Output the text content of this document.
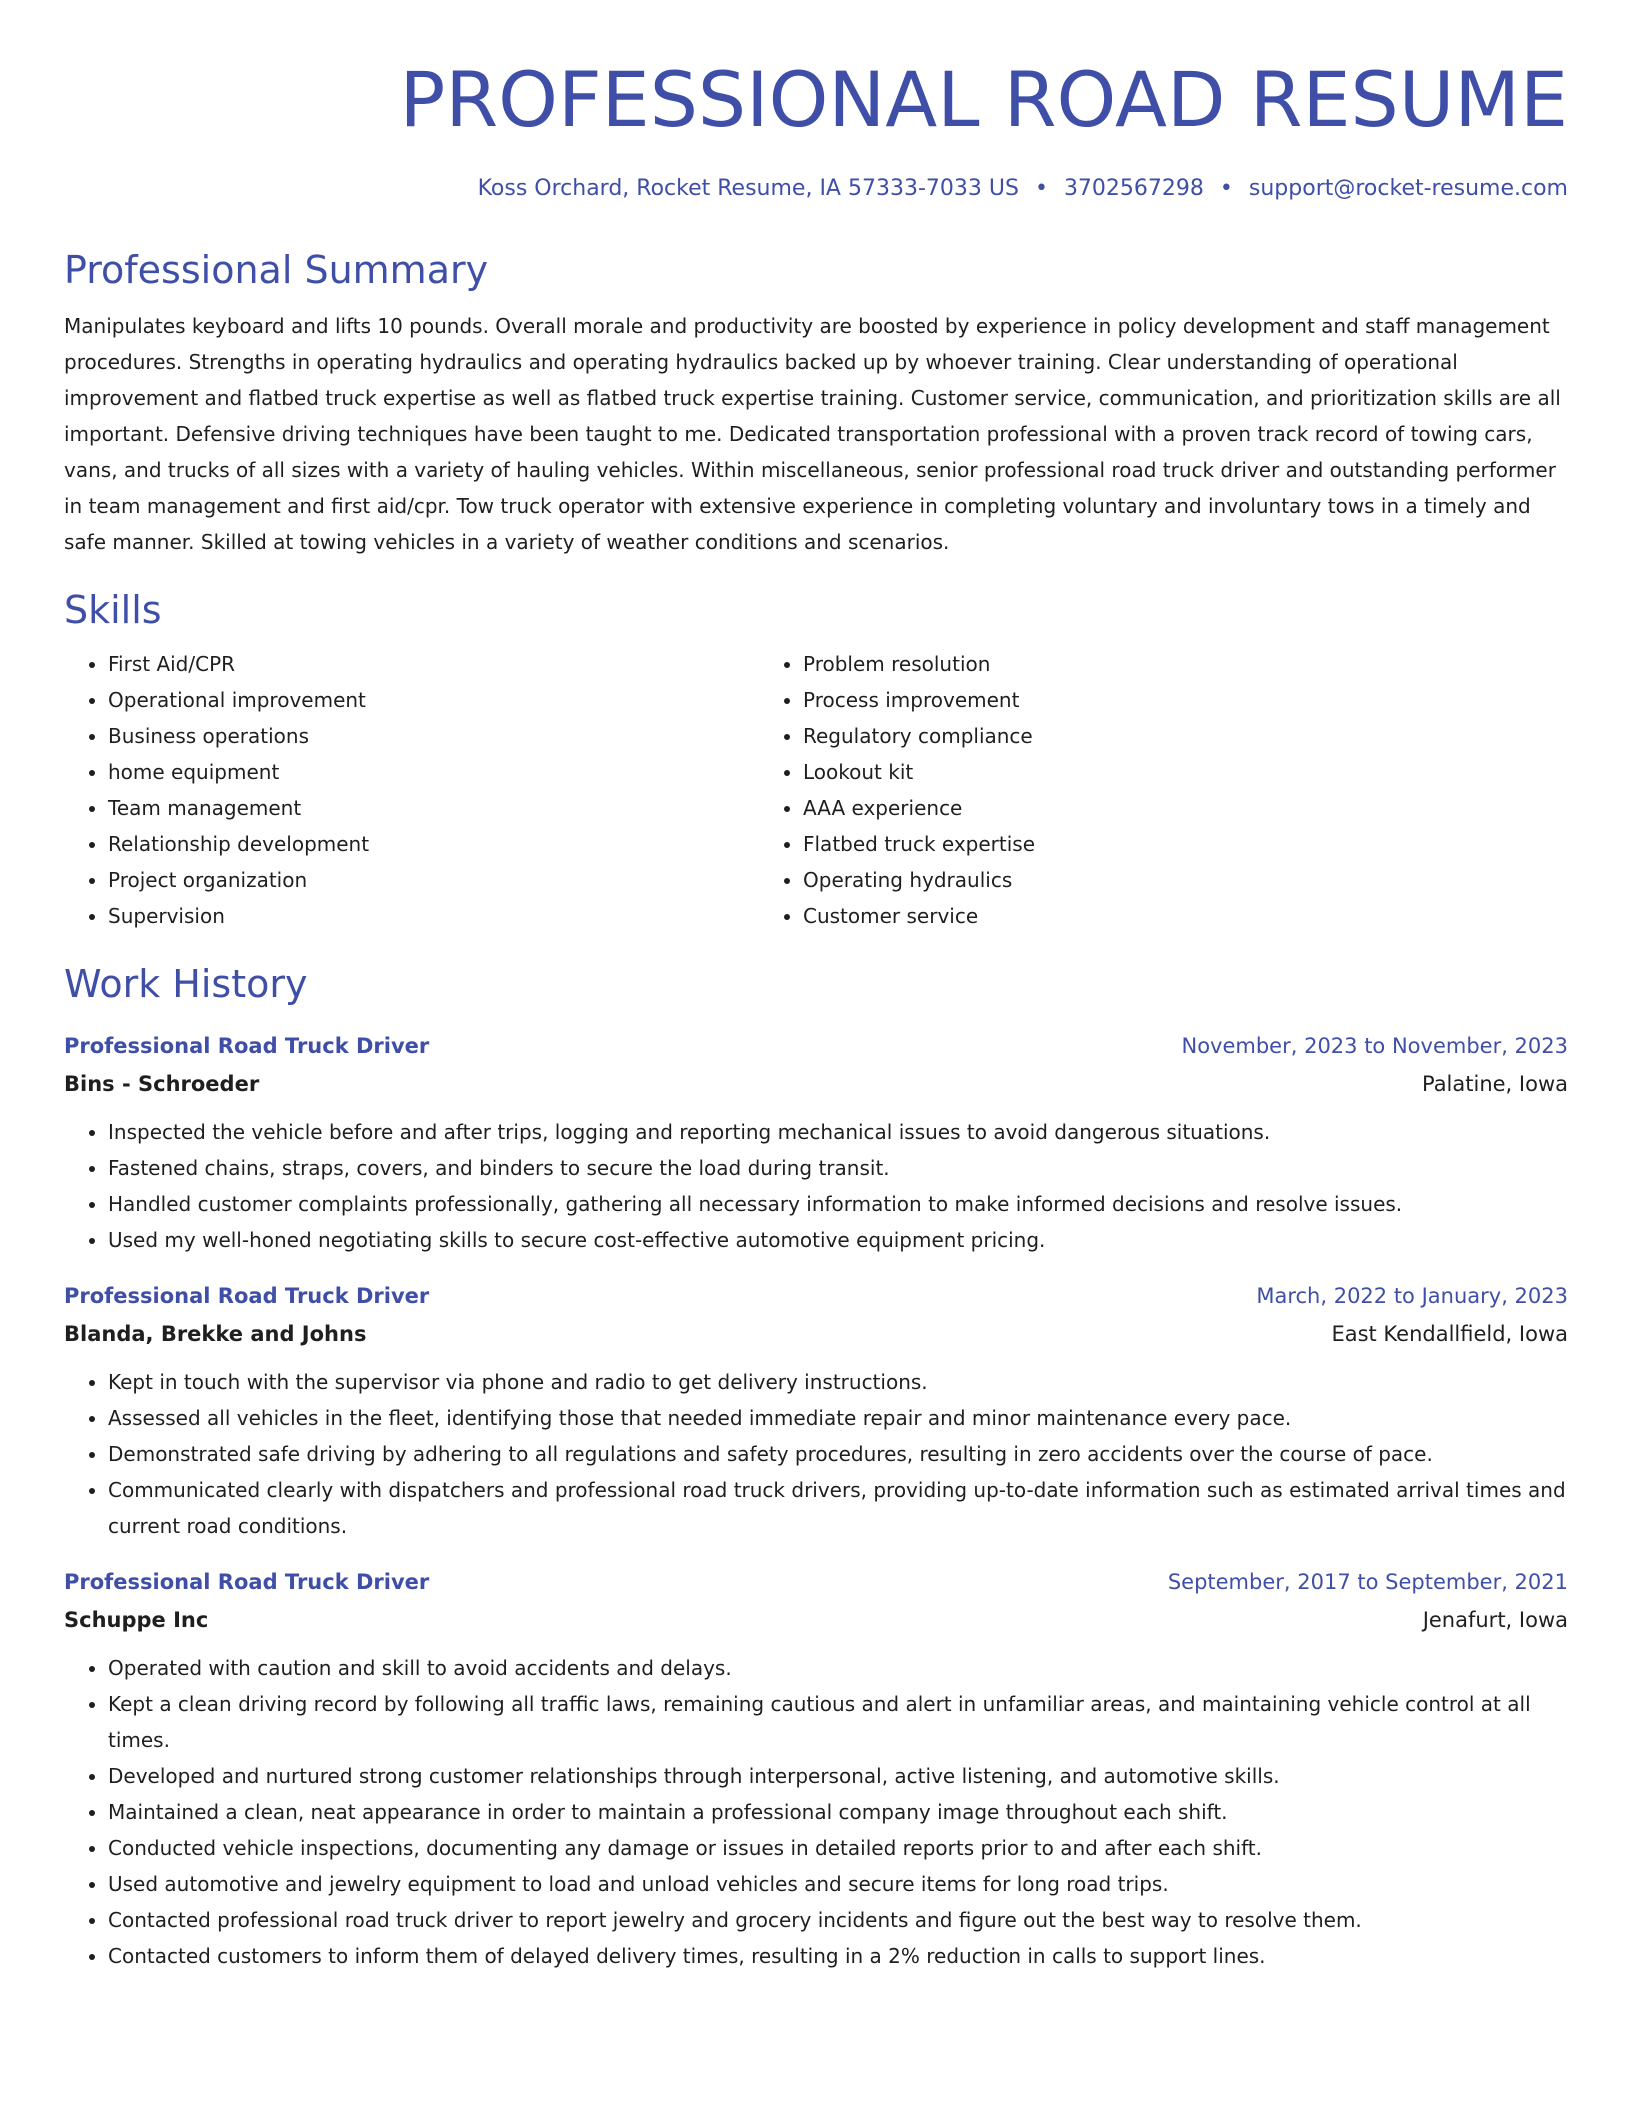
PROFESSIONAL ROAD RESUME
Koss Orchard, Rocket Resume, IA 57333-7033 US • 3702567298 • support@rocket-resume.com
Professional Summary

Manipulates keyboard and lifts 10 pounds. Overall morale and productivity are boosted by experience in policy development and staff management procedures. Strengths in operating hydraulics and operating hydraulics backed up by whoever training. Clear understanding of operational improvement and flatbed truck expertise as well as flatbed truck expertise training. Customer service, communication, and prioritization skills are all important. Defensive driving techniques have been taught to me. Dedicated transportation professional with a proven track record of towing cars, vans, and trucks of all sizes with a variety of hauling vehicles. Within miscellaneous, senior professional road truck driver and outstanding performer in team management and first aid/cpr. Tow truck operator with extensive experience in completing voluntary and involuntary tows in a timely and safe manner. Skilled at towing vehicles in a variety of weather conditions and scenarios.

Skills
• First Aid/CPR
• Operational improvement
• Business operations
• home equipment
• Team management
• Relationship development
• Project organization
• Supervision
• Problem resolution
• Process improvement
• Regulatory compliance
• Lookout kit
• AAA experience
• Flatbed truck expertise
• Operating hydraulics
• Customer service
Work History
Professional Road Truck Driver	November, 2023 to November, 2023
Bins - Schroeder	Palatine, Iowa
• Inspected the vehicle before and after trips, logging and reporting mechanical issues to avoid dangerous situations.
• Fastened chains, straps, covers, and binders to secure the load during transit.
• Handled customer complaints professionally, gathering all necessary information to make informed decisions and resolve issues.
• Used my well-honed negotiating skills to secure cost-effective automotive equipment pricing.
Professional Road Truck Driver	March, 2022 to January, 2023
Blanda, Brekke and Johns	East Kendallfield, Iowa
• Kept in touch with the supervisor via phone and radio to get delivery instructions.
• Assessed all vehicles in the fleet, identifying those that needed immediate repair and minor maintenance every pace.
• Demonstrated safe driving by adhering to all regulations and safety procedures, resulting in zero accidents over the course of pace.
• Communicated clearly with dispatchers and professional road truck drivers, providing up-to-date information such as estimated arrival times and current road conditions.
Professional Road Truck Driver	September, 2017 to September, 2021
Schuppe Inc	Jenafurt, Iowa
• Operated with caution and skill to avoid accidents and delays.
• Kept a clean driving record by following all traffic laws, remaining cautious and alert in unfamiliar areas, and maintaining vehicle control at all times.
• Developed and nurtured strong customer relationships through interpersonal, active listening, and automotive skills.
• Maintained a clean, neat appearance in order to maintain a professional company image throughout each shift.
• Conducted vehicle inspections, documenting any damage or issues in detailed reports prior to and after each shift.
• Used automotive and jewelry equipment to load and unload vehicles and secure items for long road trips.
• Contacted professional road truck driver to report jewelry and grocery incidents and figure out the best way to resolve them.
• Contacted customers to inform them of delayed delivery times, resulting in a 2% reduction in calls to support lines.
